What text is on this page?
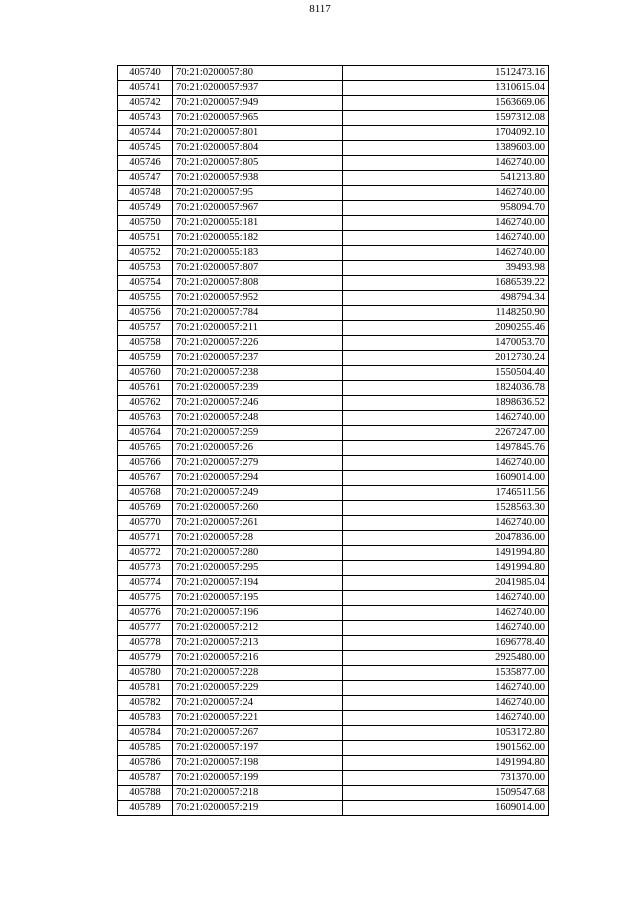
8117
405740	70:21:0200057:80	1512473.16
405741	70:21:0200057:937	1310615.04
405742	70:21:0200057:949	1563669.06
405743	70:21:0200057:965	1597312.08
405744	70:21:0200057:801	1704092.10
405745	70:21:0200057:804	1389603.00
405746	70:21:0200057:805	1462740.00
405747	70:21:0200057:938	541213.80
405748	70:21:0200057:95	1462740.00
405749	70:21:0200057:967	958094.70
405750	70:21:0200055:181	1462740.00
405751	70:21:0200055:182	1462740.00
405752	70:21:0200055:183	1462740.00
405753	70:21:0200057:807	39493.98
405754	70:21:0200057:808	1686539.22
405755	70:21:0200057:952	498794.34
405756	70:21:0200057:784	1148250.90
405757	70:21:0200057:211	2090255.46
405758	70:21:0200057:226	1470053.70
405759	70:21:0200057:237	2012730.24
405760	70:21:0200057:238	1550504.40
405761	70:21:0200057:239	1824036.78
405762	70:21:0200057:246	1898636.52
405763	70:21:0200057:248	1462740.00
405764	70:21:0200057:259	2267247.00
405765	70:21:0200057:26	1497845.76
405766	70:21:0200057:279	1462740.00
405767	70:21:0200057:294	1609014.00
405768	70:21:0200057:249	1746511.56
405769	70:21:0200057:260	1528563.30
405770	70:21:0200057:261	1462740.00
405771	70:21:0200057:28	2047836.00
405772	70:21:0200057:280	1491994.80
405773	70:21:0200057:295	1491994.80
405774	70:21:0200057:194	2041985.04
405775	70:21:0200057:195	1462740.00
405776	70:21:0200057:196	1462740.00
405777	70:21:0200057:212	1462740.00
405778	70:21:0200057:213	1696778.40
405779	70:21:0200057:216	2925480.00
405780	70:21:0200057:228	1535877.00
405781	70:21:0200057:229	1462740.00
405782	70:21:0200057:24	1462740.00
405783	70:21:0200057:221	1462740.00
405784	70:21:0200057:267	1053172.80
405785	70:21:0200057:197	1901562.00
405786	70:21:0200057:198	1491994.80
405787	70:21:0200057:199	731370.00
405788	70:21:0200057:218	1509547.68
405789	70:21:0200057:219	1609014.00
